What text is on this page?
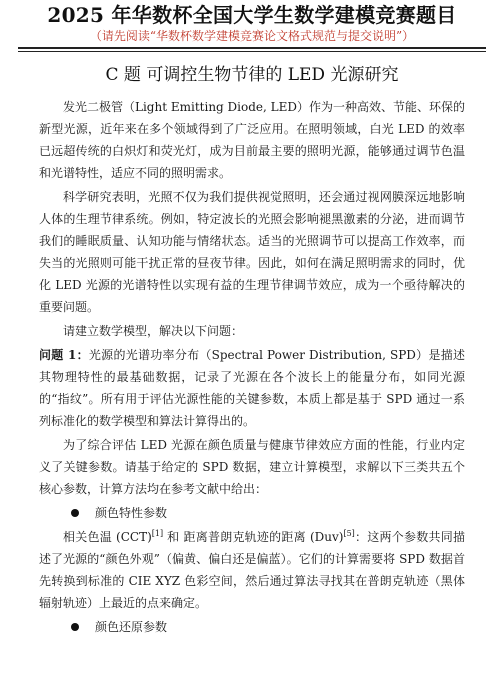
2025 年华数杯全国大学生数学建模竞赛题目
（请先阅读“华数杯数学建模竞赛论文格式规范与提交说明”）
C 题 可调控生物节律的 LED 光源研究

发光二极管（Light Emitting Diode, LED）作为一种高效、节能、环保的新型光源，近年来在多个领域得到了广泛应用。在照明领域，白光 LED 的效率已远超传统的白炽灯和荧光灯，成为目前最主要的照明光源，能够通过调节色温和光谱特性，适应不同的照明需求。

科学研究表明，光照不仅为我们提供视觉照明，还会通过视网膜深远地影响人体的生理节律系统。例如，特定波长的光照会影响褪黑激素的分泌，进而调节我们的睡眠质量、认知功能与情绪状态。适当的光照调节可以提高工作效率，而失当的光照则可能干扰正常的昼夜节律。因此，如何在满足照明需求的同时，优化 LED 光源的光谱特性以实现有益的生理节律调节效应，成为一个亟待解决的重要问题。

请建立数学模型，解决以下问题：

问题 1：光源的光谱功率分布（Spectral Power Distribution, SPD）是描述其物理特性的最基础数据，记录了光源在各个波长上的能量分布，如同光源的“指纹”。所有用于评估光源性能的关键参数，本质上都是基于 SPD 通过一系列标准化的数学模型和算法计算得出的。

为了综合评估 LED 光源在颜色质量与健康节律效应方面的性能，行业内定义了关键参数。请基于给定的 SPD 数据，建立计算模型，求解以下三类共五个核心参数，计算方法均在参考文献中给出：

颜色特性参数

相关色温 (CCT)[1] 和 距离普朗克轨迹的距离 (Duv)[5]：这两个参数共同描述了光源的“颜色外观”（偏黄、偏白还是偏蓝）。它们的计算需要将 SPD 数据首先转换到标准的 CIE XYZ 色彩空间，然后通过算法寻找其在普朗克轨迹（黑体辐射轨迹）上最近的点来确定。

颜色还原参数
